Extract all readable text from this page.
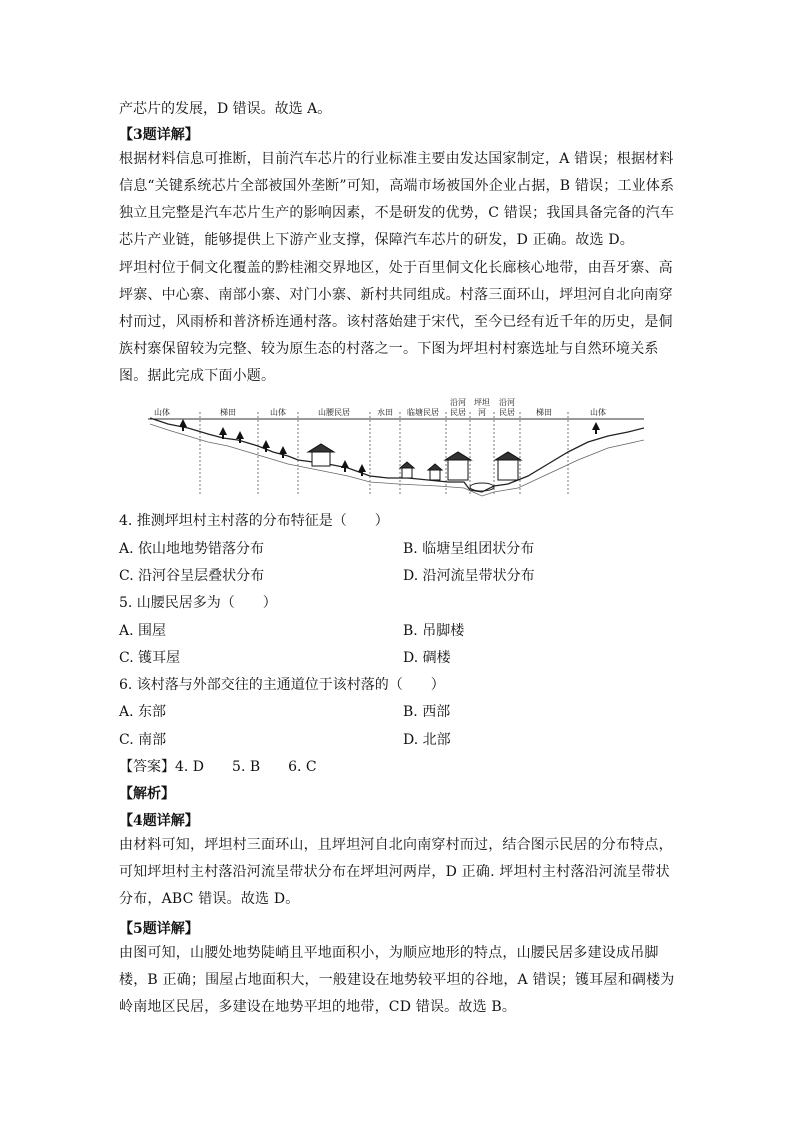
产芯片的发展，D 错误。故选 A。
【3题详解】
根据材料信息可推断，目前汽车芯片的行业标准主要由发达国家制定，A 错误；根据材料信息“关键系统芯片全部被国外垄断”可知，高端市场被国外企业占据，B 错误；工业体系独立且完整是汽车芯片生产的影响因素，不是研发的优势，C 错误；我国具备完备的汽车芯片产业链，能够提供上下游产业支撑，保障汽车芯片的研发，D 正确。故选 D。
坪坦村位于侗文化覆盖的黔桂湘交界地区，处于百里侗文化长廊核心地带，由吾牙寨、高坪寨、中心寨、南部小寨、对门小寨、新村共同组成。村落三面环山，坪坦河自北向南穿村而过，风雨桥和普济桥连通村落。该村落始建于宋代，至今已经有近千年的历史，是侗族村寨保留较为完整、较为原生态的村落之一。下图为坪坦村村寨选址与自然环境关系图。据此完成下面小题。
山体	梯田	山体	山腰民居	水田 临塘民居
沿河民居
坪坦河
沿河民居	梯田	山体
4. 推测坪坦村主村落的分布特征是（　　）
A. 依山地地势错落分布	B. 临塘呈组团状分布
C. 沿河谷呈层叠状分布	D. 沿河流呈带状分布
5. 山腰民居多为（　　）
A. 围屋	B. 吊脚楼
C. 镬耳屋	D. 碉楼
6. 该村落与外部交往的主通道位于该村落的（　　）
A. 东部	B. 西部
C. 南部	D. 北部
【答案】4. D　　5. B　　6. C
【解析】
【4题详解】
由材料可知，坪坦村三面环山，且坪坦河自北向南穿村而过，结合图示民居的分布特点，可知坪坦村主村落沿河流呈带状分布在坪坦河两岸，D 正确. 坪坦村主村落沿河流呈带状分布，ABC 错误。故选 D。
【5题详解】
由图可知，山腰处地势陡峭且平地面积小，为顺应地形的特点，山腰民居多建设成吊脚楼，B 正确；围屋占地面积大，一般建设在地势较平坦的谷地，A 错误；镬耳屋和碉楼为岭南地区民居，多建设在地势平坦的地带，CD 错误。故选 B。
